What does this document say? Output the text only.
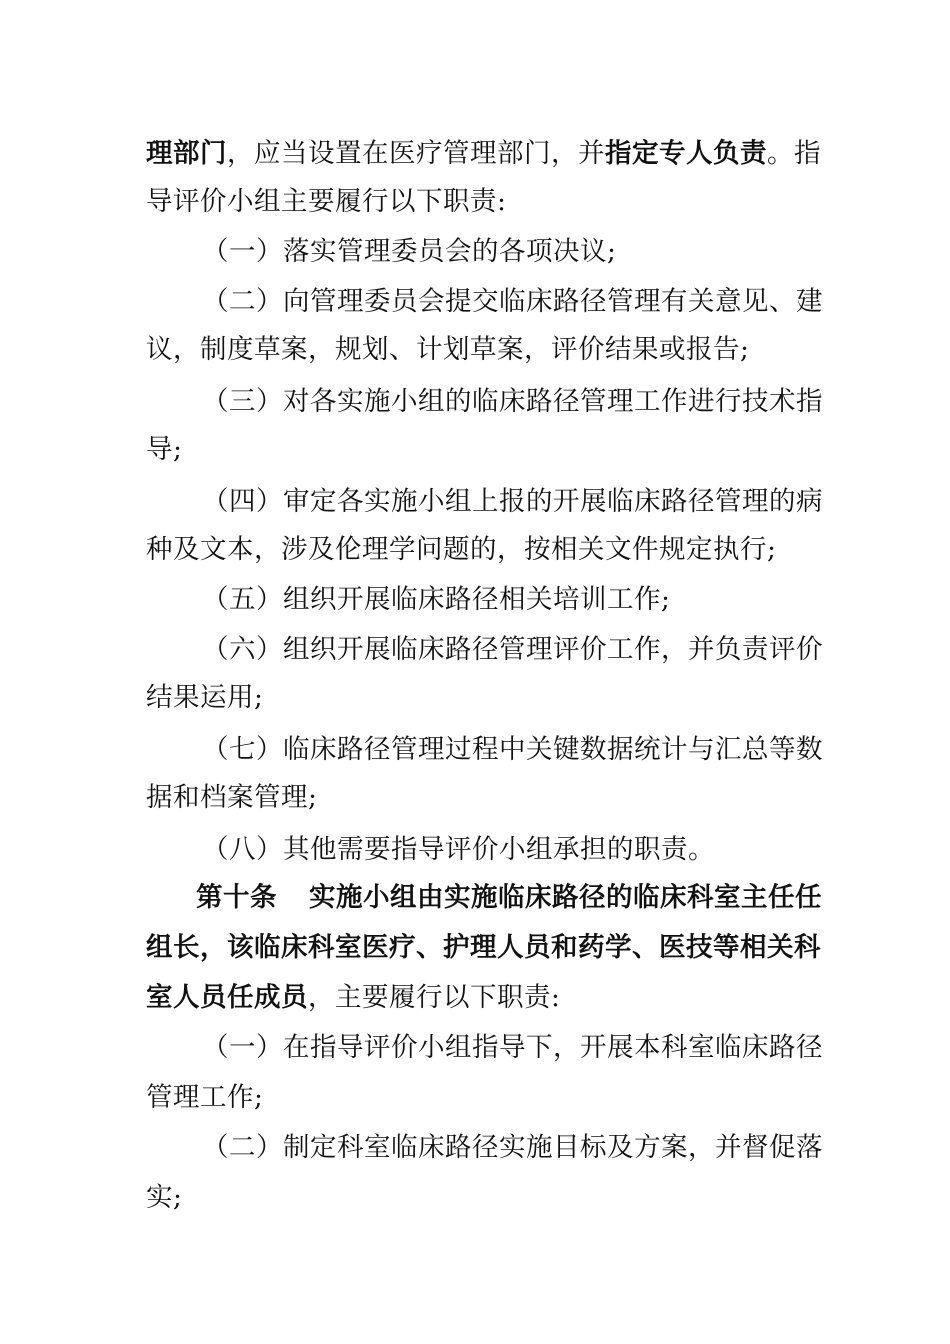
理部门，应当设置在医疗管理部门，并指定专人负责。指
导评价小组主要履行以下职责:
（一）落实管理委员会的各项决议;
（二）向管理委员会提交临床路径管理有关意见、建
议，制度草案，规划、计划草案，评价结果或报告;
（三）对各实施小组的临床路径管理工作进行技术指
导;
（四）审定各实施小组上报的开展临床路径管理的病
种及文本，涉及伦理学问题的，按相关文件规定执行;
（五）组织开展临床路径相关培训工作;
（六）组织开展临床路径管理评价工作，并负责评价
结果运用;
（七）临床路径管理过程中关键数据统计与汇总等数
据和档案管理;
（八）其他需要指导评价小组承担的职责。
第十条 实施小组由实施临床路径的临床科室主任任
组长，该临床科室医疗、护理人员和药学、医技等相关科
室人员任成员，主要履行以下职责:
（一）在指导评价小组指导下，开展本科室临床路径
管理工作;
（二）制定科室临床路径实施目标及方案，并督促落
实;
